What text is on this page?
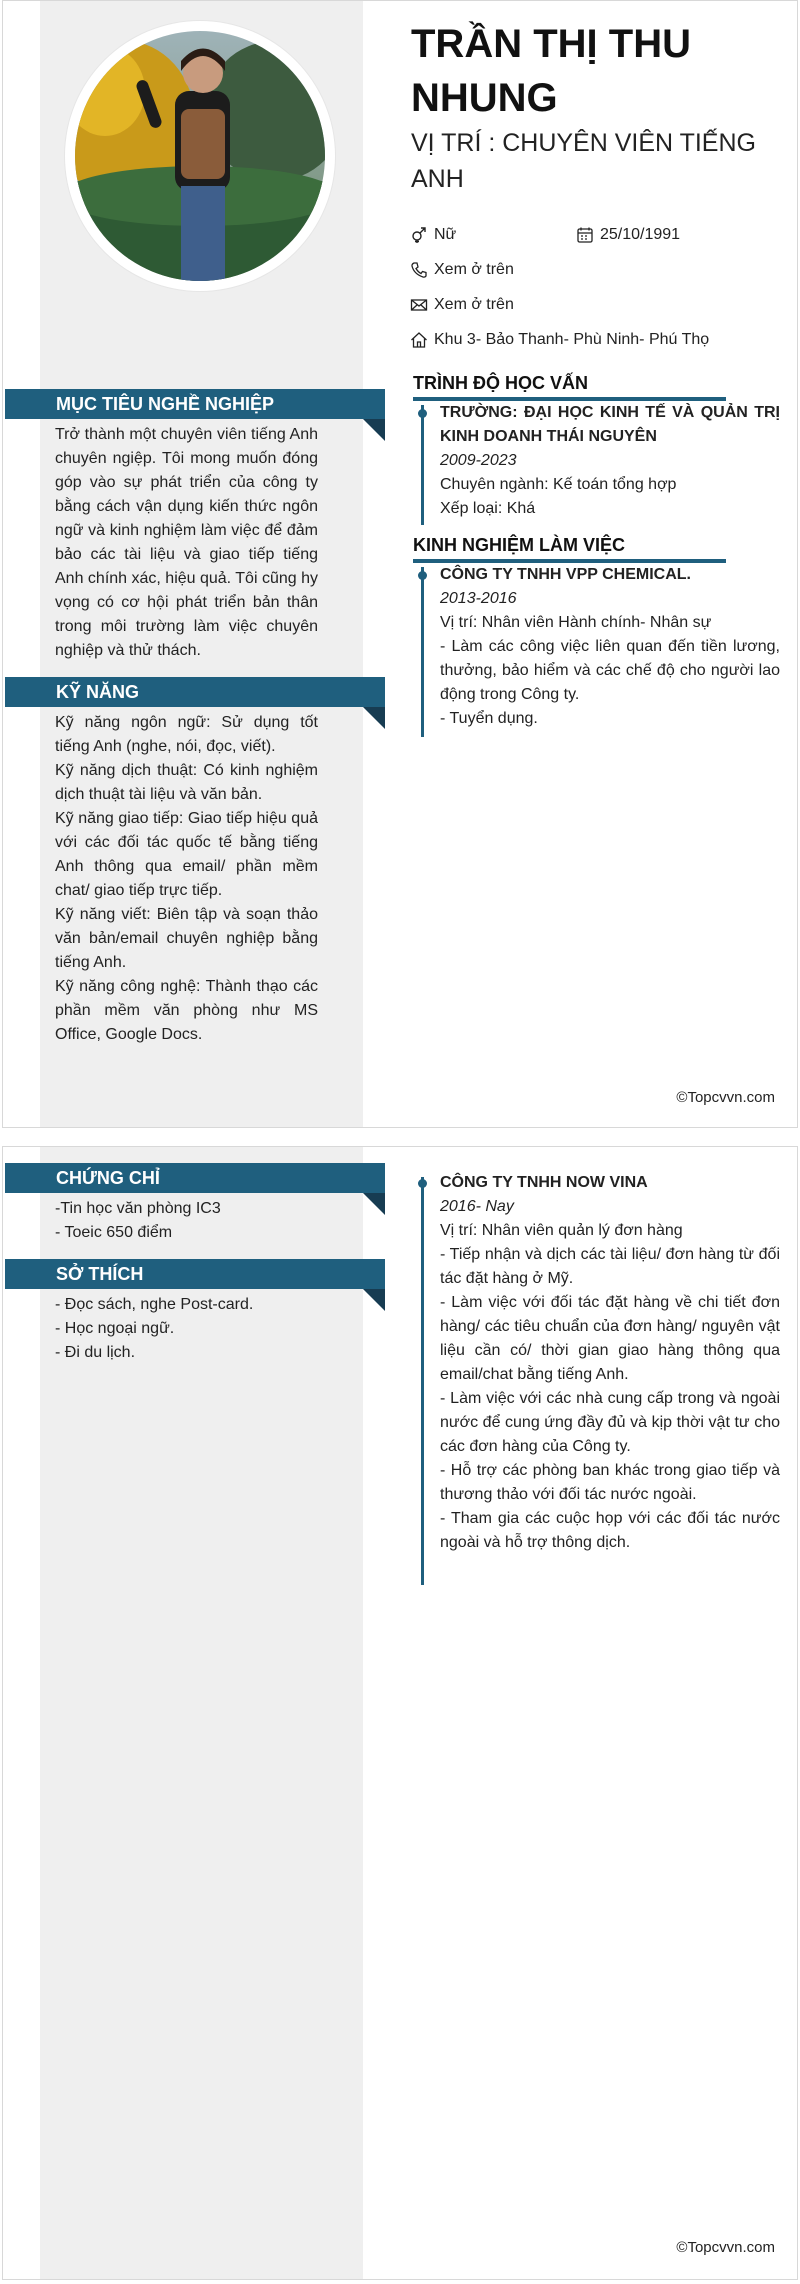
TRẦN THỊ THU NHUNG
VỊ TRÍ : CHUYÊN VIÊN TIẾNG ANH
Nữ	25/10/1991
Xem ở trên
Xem ở trên
Khu 3- Bảo Thanh- Phù Ninh- Phú Thọ
MỤC TIÊU NGHỀ NGHIỆP
Trở thành một chuyên viên tiếng Anh chuyên ngiệp. Tôi mong muốn đóng góp vào sự phát triển của công ty bằng cách vận dụng kiến thức ngôn ngữ và kinh nghiệm làm việc để đảm bảo các tài liệu và giao tiếp tiếng Anh chính xác, hiệu quả. Tôi cũng hy vọng có cơ hội phát triển bản thân trong môi trường làm việc chuyên nghiệp và thử thách.
KỸ NĂNG

Kỹ năng ngôn ngữ: Sử dụng tốt tiếng Anh (nghe, nói, đọc, viết).

Kỹ năng dịch thuật: Có kinh nghiệm dịch thuật tài liệu và văn bản.

Kỹ năng giao tiếp: Giao tiếp hiệu quả với các đối tác quốc tế bằng tiếng Anh thông qua email/ phần mềm chat/ giao tiếp trực tiếp.

Kỹ năng viết: Biên tập và soạn thảo văn bản/email chuyên nghiệp bằng tiếng Anh.

Kỹ năng công nghệ: Thành thạo các phần mềm văn phòng như MS Office, Google Docs.

TRÌNH ĐỘ HỌC VẤN
TRƯỜNG: ĐẠI HỌC KINH TẾ VÀ QUẢN TRỊ KINH DOANH THÁI NGUYÊN
2009-2023
Chuyên ngành: Kế toán tổng hợp
Xếp loại: Khá
KINH NGHIỆM LÀM VIỆC
CÔNG TY TNHH VPP CHEMICAL.
2013-2016
Vị trí: Nhân viên Hành chính- Nhân sự
- Làm các công việc liên quan đến tiền lương, thưởng, bảo hiểm và các chế độ cho người lao động trong Công ty.
- Tuyển dụng.
©Topcvvn.com
CHỨNG CHỈ

-Tin học văn phòng IC3

- Toeic 650 điểm

SỞ THÍCH

- Đọc sách, nghe Post-card.

- Học ngoại ngữ.

- Đi du lịch.

CÔNG TY TNHH NOW VINA
2016- Nay
Vị trí: Nhân viên quản lý đơn hàng
- Tiếp nhận và dịch các tài liệu/ đơn hàng từ đối tác đặt hàng ở Mỹ.
- Làm việc với đối tác đặt hàng về chi tiết đơn hàng/ các tiêu chuẩn của đơn hàng/ nguyên vật liệu cần có/ thời gian giao hàng thông qua email/chat bằng tiếng Anh.
- Làm việc với các nhà cung cấp trong và ngoài nước để cung ứng đầy đủ và kịp thời vật tư cho các đơn hàng của Công ty.
- Hỗ trợ các phòng ban khác trong giao tiếp và thương thảo với đối tác nước ngoài.
- Tham gia các cuộc họp với các đối tác nước ngoài và hỗ trợ thông dịch.
©Topcvvn.com
